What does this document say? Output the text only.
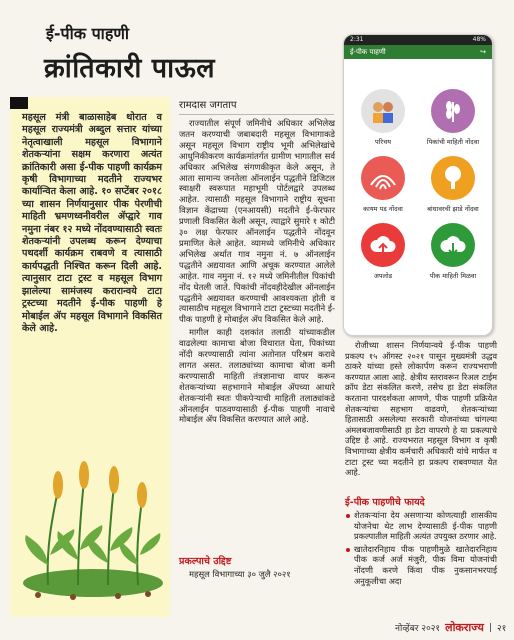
ई-पीक पाहणी
क्रांतिकारी पाऊल

महसूल मंत्री बाळासाहेब थोरात व महसूल राज्यमंत्री अब्दुल सत्तार यांच्या नेतृत्वाखाली महसूल विभागाने शेतकऱ्यांना सक्षम करणारा अत्यंत क्रांतिकारी असा ई-पीक पाहणी कार्यक्रम कृषी विभागाच्या मदतीने राज्यभर कार्यान्वित केला आहे. १० सप्टेंबर २०१८ च्या शासन निर्णयानुसार पीक पेरणीची माहिती भ्रमणध्वनीवरील ॲप्द्वारे गाव नमुना नंबर १२ मध्ये नोंदवण्यासाठी स्वतः शेतकऱ्यांनी उपलब्ध करून देण्याचा पथदर्शी कार्यक्रम राबवणे व त्यासाठी कार्यपद्धती निश्चित करून दिली आहे. त्यानुसार टाटा ट्रस्ट व महसूल विभाग झालेल्या सामंजस्य करारान्वये टाटा ट्रस्टच्या मदतीने ई-पीक पाहणी हे मोबाईल ॲप महसूल विभागाने विकसित केले आहे.

रामदास जगताप

राज्यातील संपूर्ण जमिनीचे अधिकार अभिलेख जतन करण्याची जबाबदारी महसूल विभागाकडे असून महसूल विभाग राष्ट्रीय भूमी अभिलेखांचे आधुनिकीकरण कार्यक्रमांतर्गत ग्रामीण भागातील सर्व अधिकार अभिलेख संगणकीकृत केले असून, ते आता सामान्य जनतेला ऑनलाईन पद्धतीने डिजिटल स्वाक्षरी स्वरूपात महाभूमी पोर्टलद्वारे उपलब्ध आहेत. त्यासाठी महसूल विभागाने राष्ट्रीय सूचना विज्ञान केंद्राच्या (एनआयसी) मदतीने ई-फेरफार प्रणाली विकसित केली असून, त्याद्वारे सुमारे १ कोटी ३० लक्ष फेरफार ऑनलाईन पद्धतीने नोंदवून प्रमाणित केले आहेत. व्यामध्ये जमिनीचे अधिकार अभिलेख अर्थात गाव नमुना नं. ७ ऑनलाईन पद्धतीने अद्ययावत आणि अचूक करण्यात आलेले आहेत. गाव नमुना नं. १२ मध्ये जमिनीतील पिकांची नोंद घेतली जाते. पिकांची नोंदवहीदेखील ऑनलाईन पद्धतीने अद्ययावत करण्याची आवश्यकता होती व त्यासाठीच महसूल विभागाने टाटा ट्रस्टच्या मदतीने ई-पीक पाहणी हे मोबाईल ॲप विकसित केले आहे.

मागील काही दशकांत तलाठी यांच्याकडील वाढलेल्या कामाचा बोजा विचारात घेता, पिकांच्या नोंदी करण्यासाठी त्यांना अतोनात परिश्रम करावे लागत असत. तलाठ्यांच्या कामाचा बोजा कमी करण्यासाठी माहिती तंत्रज्ञानाचा वापर करून शेतकऱ्यांच्या सहभागाने मोबाईल ॲपच्या आधारे शेतकऱ्यांनी स्वतः पीकपेऱ्याची माहिती तलाठ्यांकडे ऑनलाईन पाठवण्यासाठी ई-पीक पाहणी नावाचे मोबाईल ॲप विकसित करण्यात आले आहे.

प्रकल्पाचे उद्दिष्ट

महसूल विभागाच्या ३० जुलै २०२१

2:31	48%
ई-पीक पाहणी	↪
परिचय	पिकांची माहिती नोंदवा
कायम पड नोंदवा	बांधावरची झाडे नोंदवा
अपलोड	पीक माहिती मिळवा

रोजीच्या शासन निर्णयान्वये ई-पीक पाहणी प्रकल्प १५ ऑगस्ट २०२१ पासून मुख्यमंत्री उद्धव ठाकरे यांच्या हस्ते लोकार्पण करून राज्यभराणी करण्यात आला आहे. क्षेत्रीय स्तरावरून रिअल टाईम क्रॉप डेटा संकलित करणे, तसेच हा डेटा संकलित करताना पारदर्शकता आणणे, पीक पाहणी प्रक्रियेत शेतकऱ्यांचा सहभाग वाढवणे, शेतकऱ्यांच्या हितासाठी असलेल्या सरकारी योजनांच्या चांगल्या अंमलबजावणीसाठी हा डेटा वापरणे हे या प्रकल्पाचे उद्दिष्ट हे आहे. राज्यभरात महसूल विभाग व कृषी विभागाच्या क्षेत्रीय कर्मचारी अधिकारी यांचे मार्फत व टाटा ट्रस्ट च्या मदतीने हा प्रकल्प राबवण्यात येत आहे.

ई-पीक पाहणीचे फायदे
शेतकऱ्यांना देय असणाऱ्या कोणत्याही शासकीय योजनेचा थेट लाभ देण्यासाठी ई-पीक पाहणी प्रकल्पातील माहिती अत्यंत उपयुक्त ठरणार आहे.
खातेदारनिहाय पीक पाहणीमुळे खातेदारनिहाय पीक कर्ज अर्ज मंजुरी, पीक विमा योजनांची नोंदणी करणे किंवा पीक नुकसानभरपाई अनुकूलीचा अदा
नोव्हेंबर २०२१ लोकराज्य | २१
